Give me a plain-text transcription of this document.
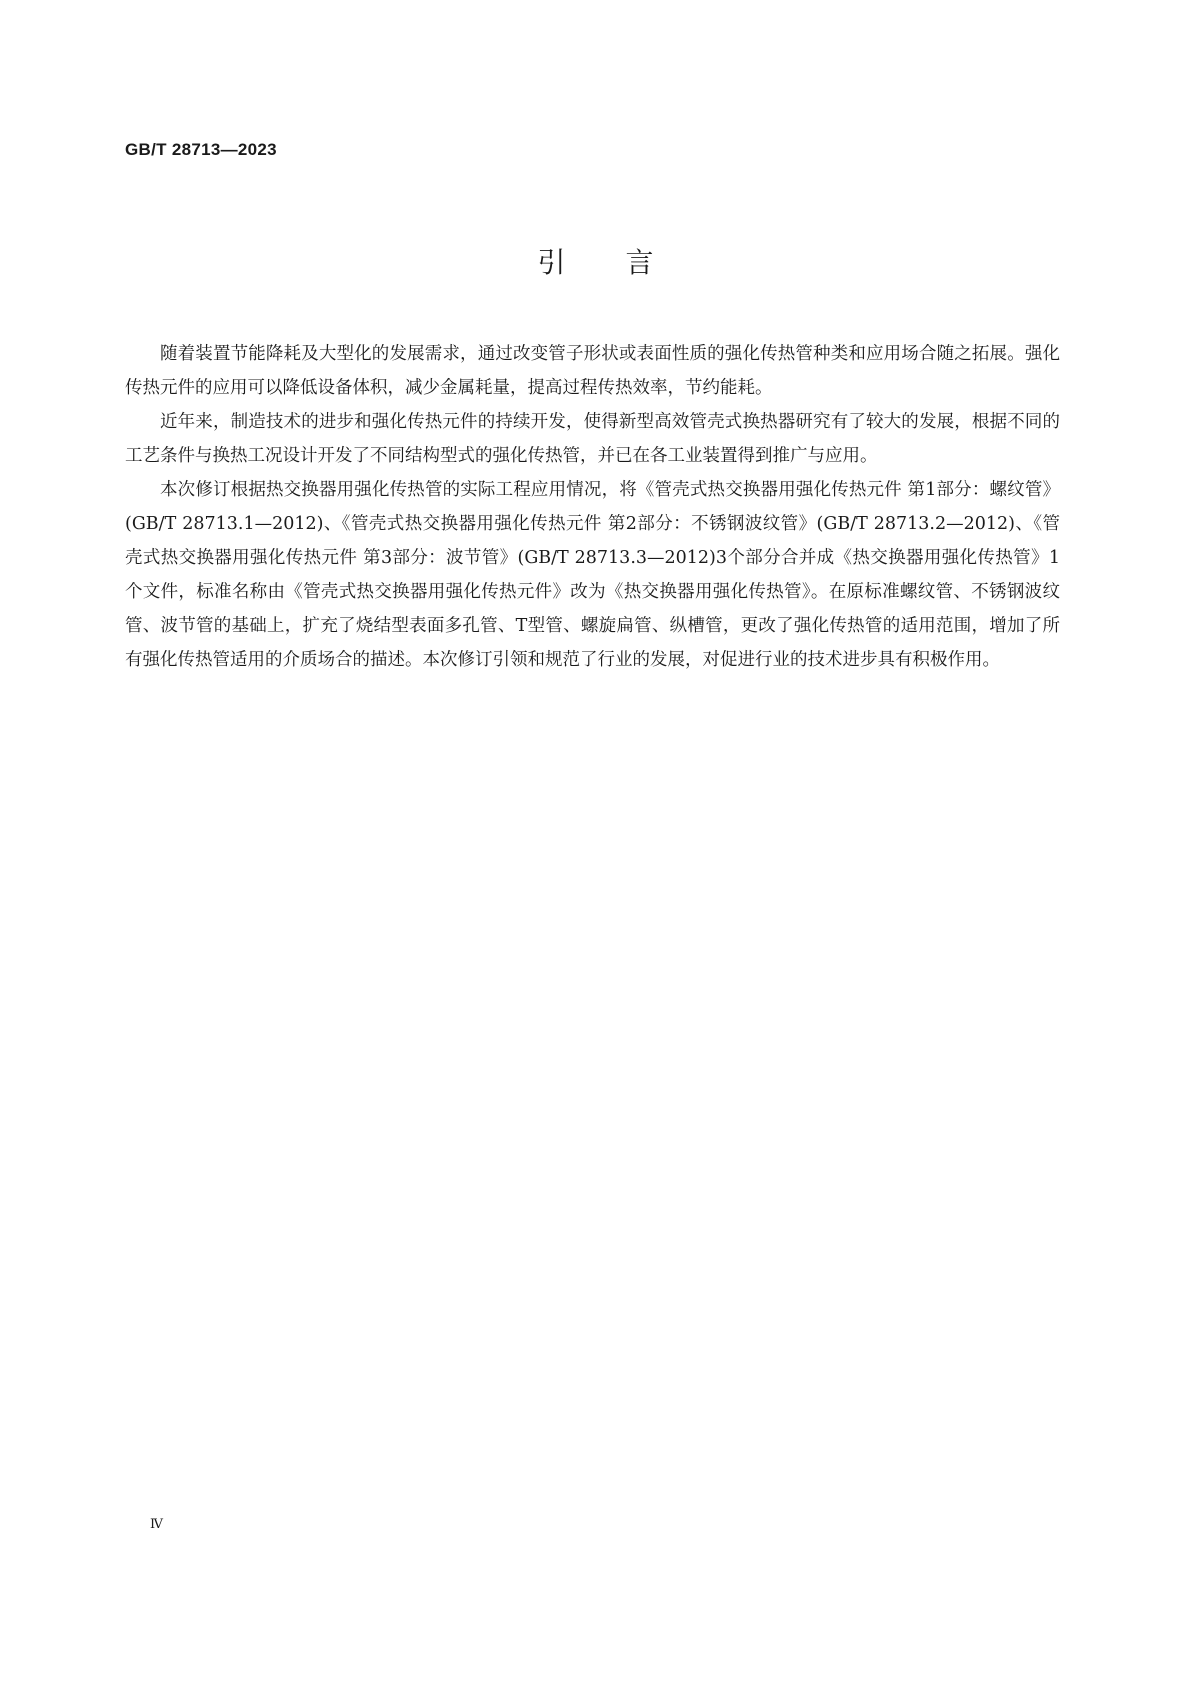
GB/T 28713—2023
引言

随着装置节能降耗及大型化的发展需求，通过改变管子形状或表面性质的强化传热管种类和应用场合随之拓展。强化传热元件的应用可以降低设备体积，减少金属耗量，提高过程传热效率，节约能耗。

近年来，制造技术的进步和强化传热元件的持续开发，使得新型高效管壳式换热器研究有了较大的发展，根据不同的工艺条件与换热工况设计开发了不同结构型式的强化传热管，并已在各工业装置得到推广与应用。

本次修订根据热交换器用强化传热管的实际工程应用情况，将《管壳式热交换器用强化传热元件 第1部分：螺纹管》(GB/T 28713.1—2012)、《管壳式热交换器用强化传热元件 第2部分：不锈钢波纹管》(GB/T 28713.2—2012)、《管壳式热交换器用强化传热元件 第3部分：波节管》(GB/T 28713.3—2012)3个部分合并成《热交换器用强化传热管》1个文件，标准名称由《管壳式热交换器用强化传热元件》改为《热交换器用强化传热管》。在原标准螺纹管、不锈钢波纹管、波节管的基础上，扩充了烧结型表面多孔管、T型管、螺旋扁管、纵槽管，更改了强化传热管的适用范围，增加了所有强化传热管适用的介质场合的描述。本次修订引领和规范了行业的发展，对促进行业的技术进步具有积极作用。

Ⅳ
